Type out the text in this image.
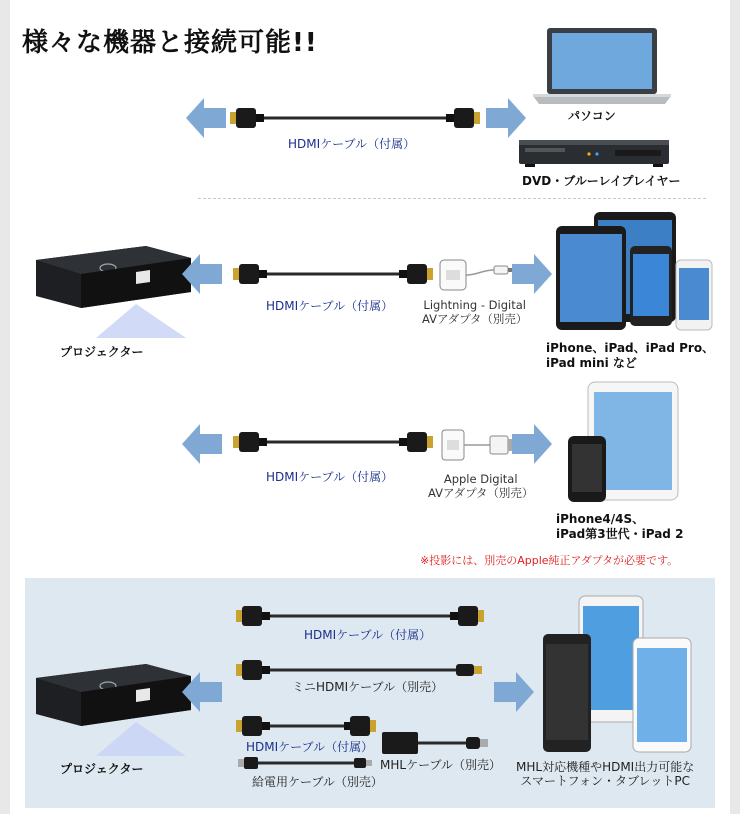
様々な機器と接続可能!!
HDMIケーブル（付属）
パソコン
DVD・ブルーレイプレイヤー
プロジェクター
HDMIケーブル（付属）	Lightning - Digital
AVアダプタ（別売）
iPhone、iPad、iPad Pro、
iPad mini など
HDMIケーブル（付属）	Apple Digital
AVアダプタ（別売）
iPhone4/4S、
iPad第3世代・iPad 2
※投影には、別売のApple純正アダプタが必要です。
プロジェクター
HDMIケーブル（付属）
ミニHDMIケーブル（別売）
HDMIケーブル（付属）
給電用ケーブル（別売）
MHLケーブル（別売） MHL対応機種やHDMI出力可能な
スマートフォン・タブレットPC
